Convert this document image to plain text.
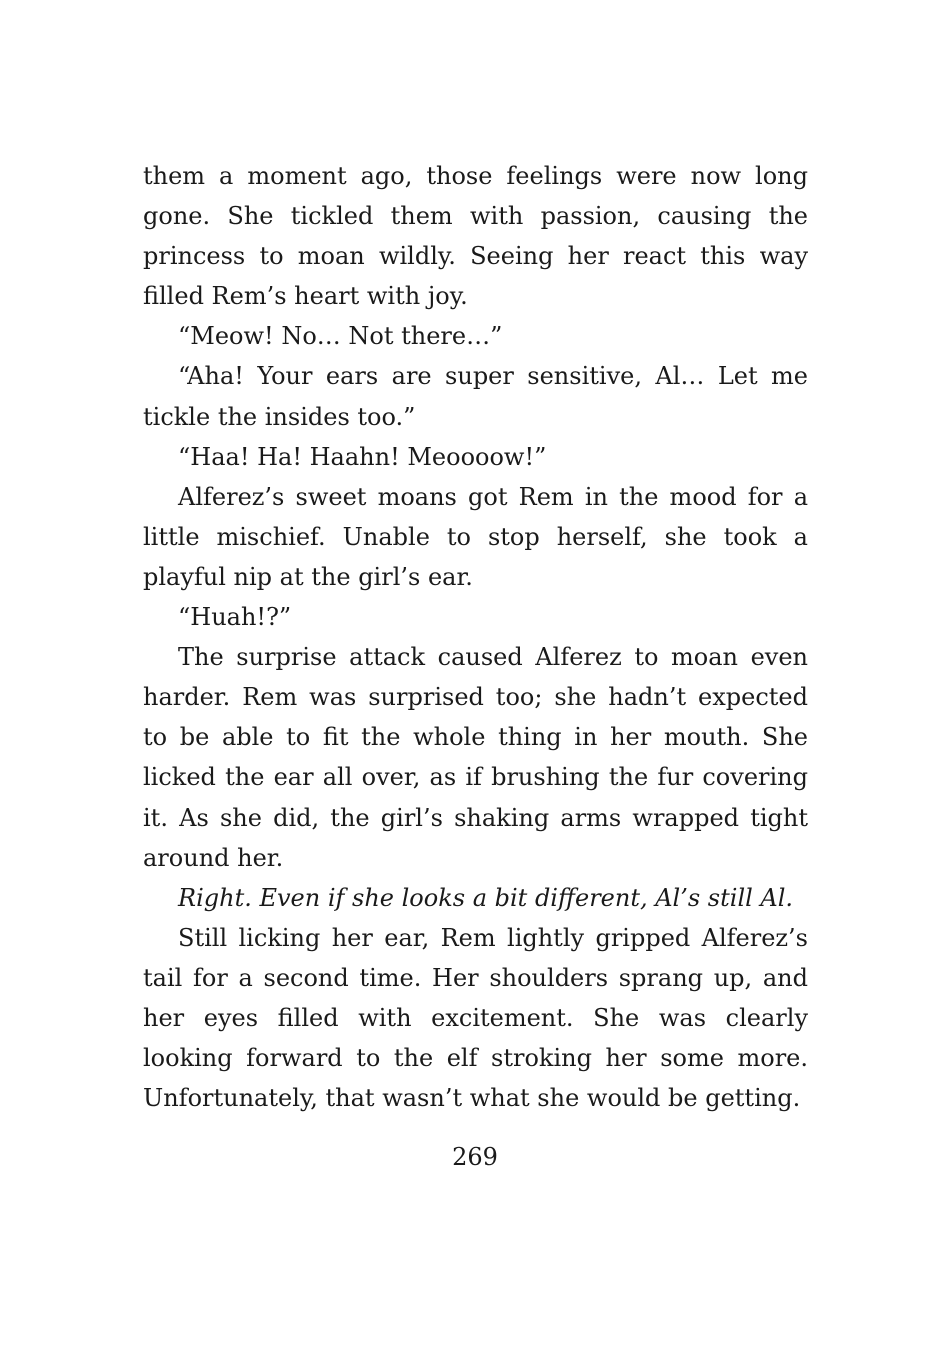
them a moment ago, those feelings were now long gone. She tickled them with passion, causing the princess to moan wildly. Seeing her react this way filled Rem’s heart with joy.

“Meow! No… Not there…”

“Aha! Your ears are super sensitive, Al… Let me tickle the insides too.”

“Haa! Ha! Haahn! Meoooow!”

Alferez’s sweet moans got Rem in the mood for a little mischief. Unable to stop herself, she took a playful nip at the girl’s ear.

“Huah!?”

The surprise attack caused Alferez to moan even harder. Rem was surprised too; she hadn’t expected to be able to fit the whole thing in her mouth. She licked the ear all over, as if brushing the fur covering it. As she did, the girl’s shaking arms wrapped tight around her.

Right. Even if she looks a bit different, Al’s still Al.

Still licking her ear, Rem lightly gripped Alferez’s tail for a second time. Her shoulders sprang up, and her eyes filled with excitement. She was clearly looking forward to the elf stroking her some more. Unfortunately, that wasn’t what she would be getting.

269
